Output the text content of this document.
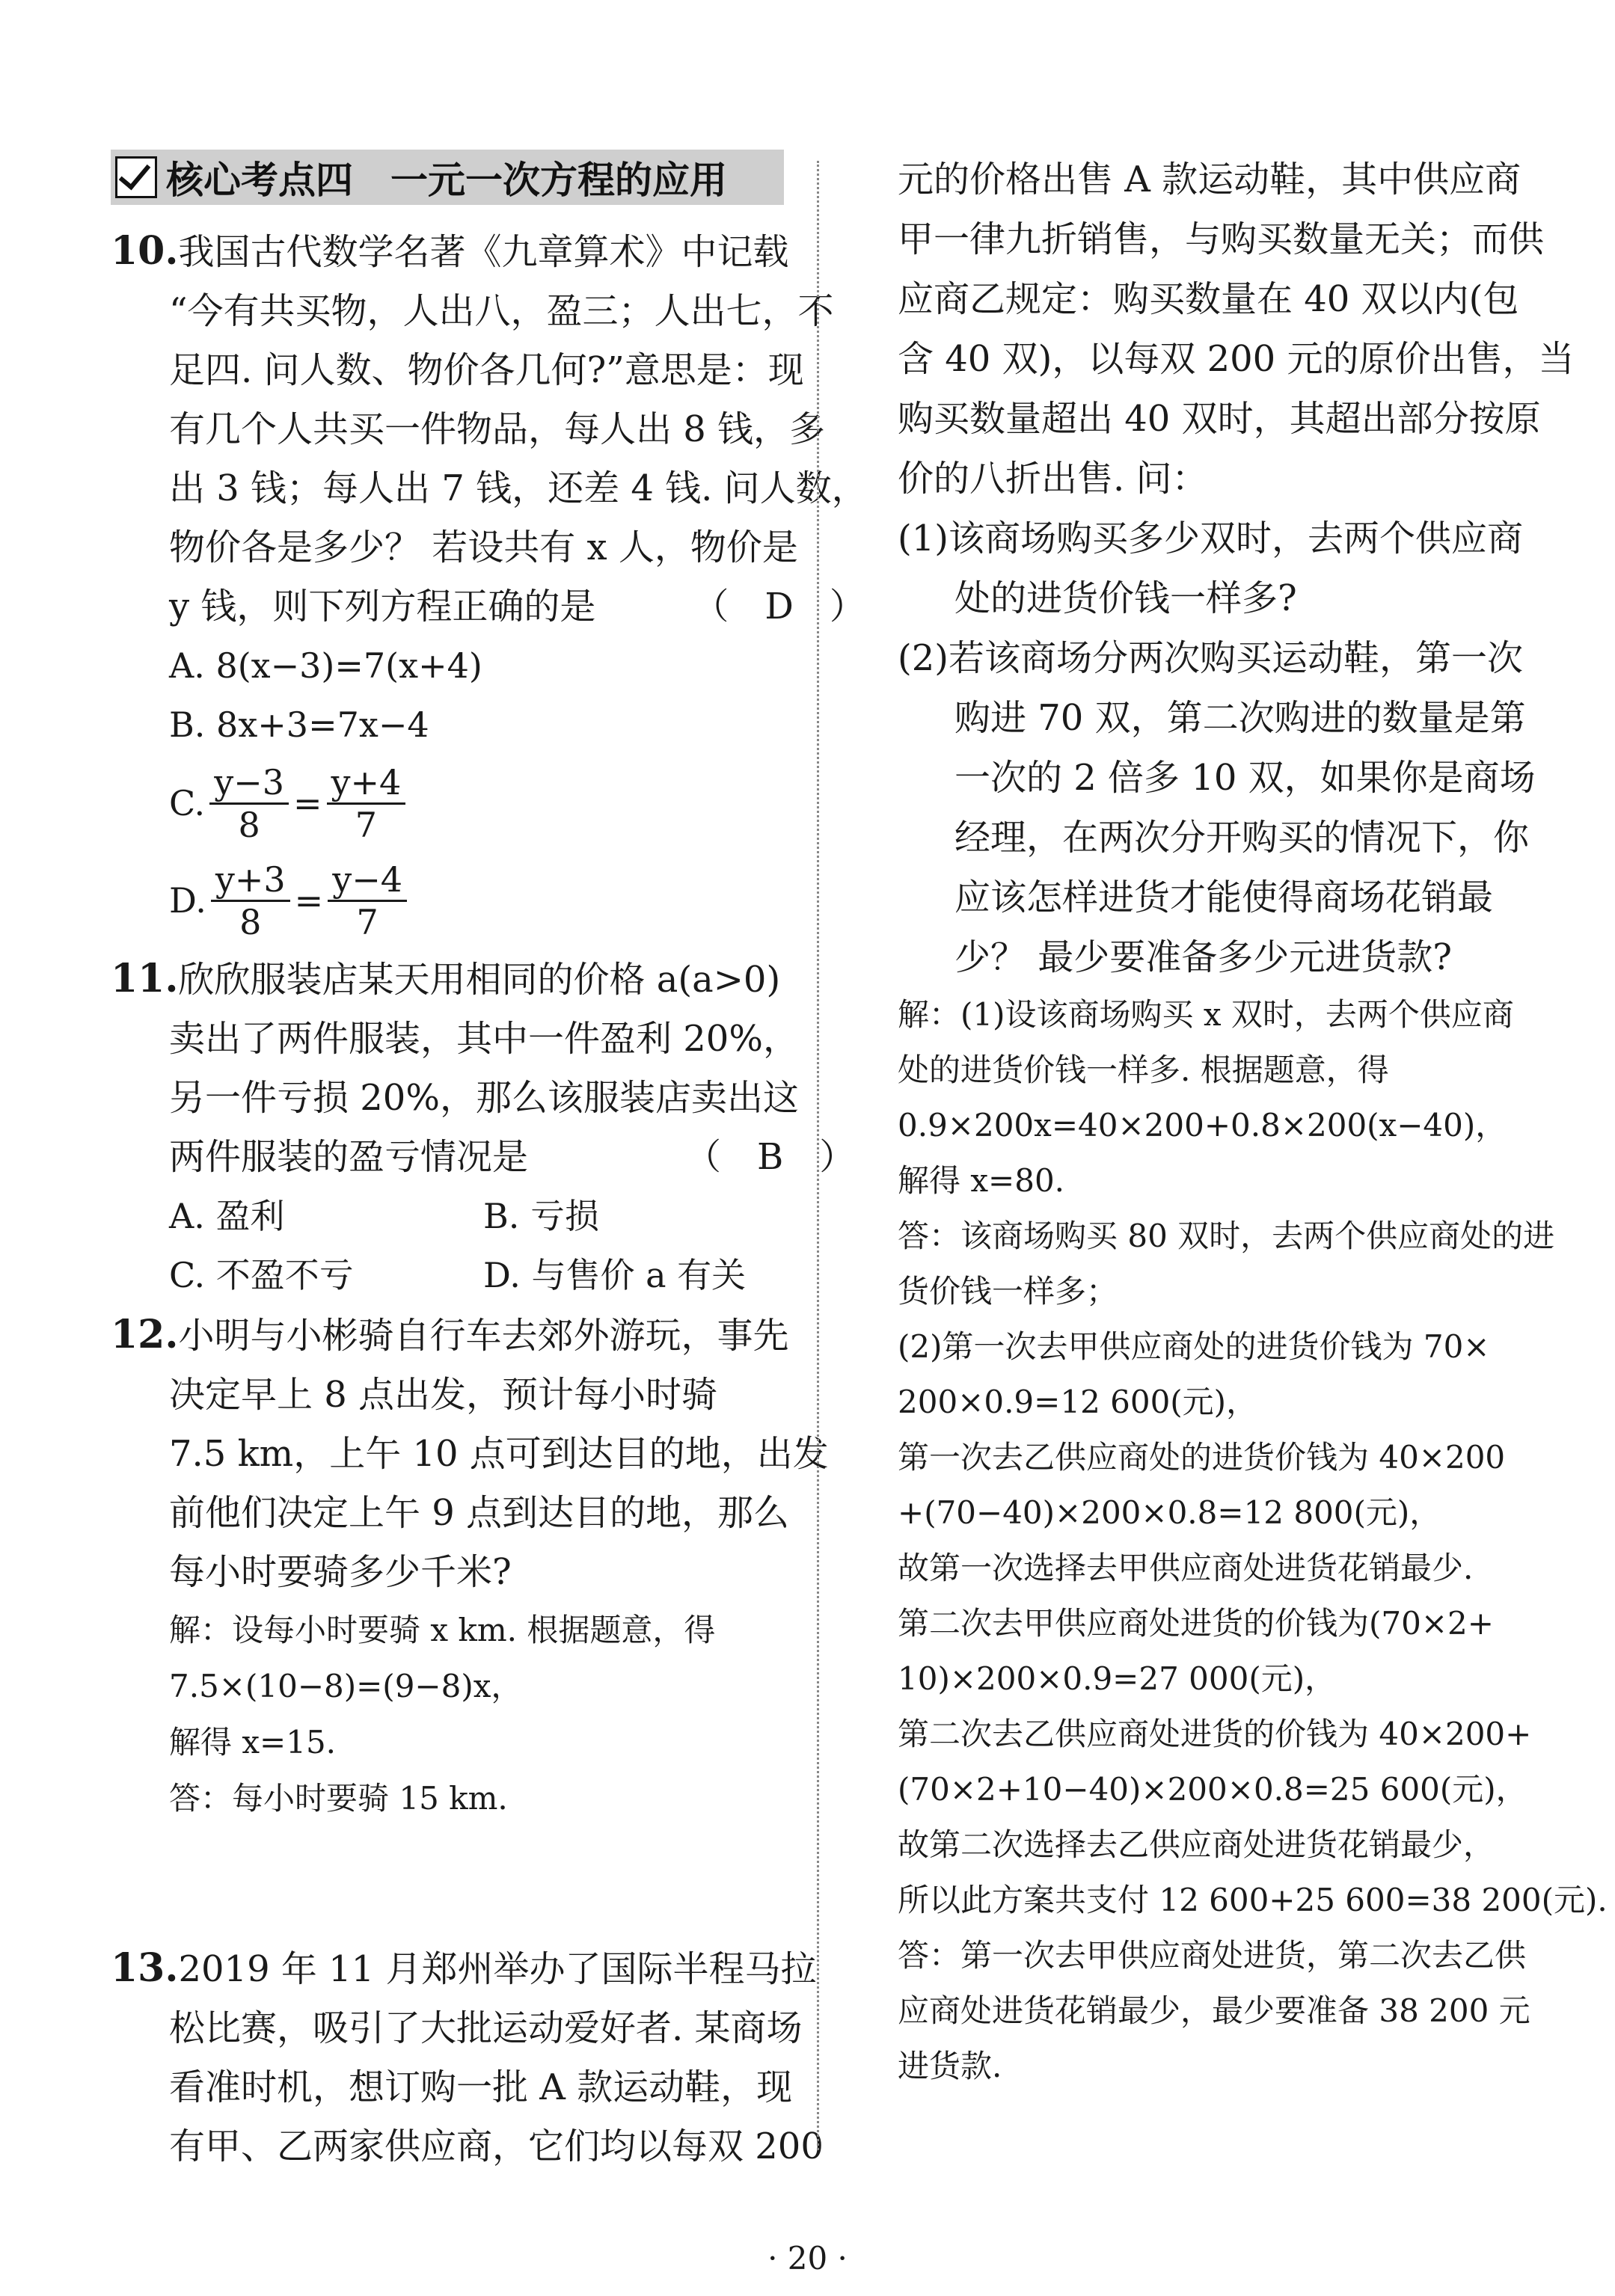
核心考点四　一元一次方程的应用
10.我国古代数学名著《九章算术》中记载
“今有共买物，人出八，盈三；人出七，不
足四. 问人数、物价各几何?”意思是：现
有几个人共买一件物品，每人出 8 钱，多
出 3 钱；每人出 7 钱，还差 4 钱. 问人数，
物价各是多少？ 若设共有 x 人，物价是
y 钱，则下列方程正确的是	（　D　）
A. 8(x−3)=7(x+4)
B. 8x+3=7x−4
C. $\frac{y-3}{8} = \frac{y+4}{7}$
D. $\frac{y+3}{8} = \frac{y-4}{7}$
11.欣欣服装店某天用相同的价格 a(a>0)
卖出了两件服装，其中一件盈利 20%，
另一件亏损 20%，那么该服装店卖出这
两件服装的盈亏情况是	（　B　）
A. 盈利	B. 亏损
C. 不盈不亏	D. 与售价 a 有关
12.小明与小彬骑自行车去郊外游玩，事先
决定早上 8 点出发，预计每小时骑
7.5 km，上午 10 点可到达目的地，出发
前他们决定上午 9 点到达目的地，那么
每小时要骑多少千米?
解：设每小时要骑 x km. 根据题意，得
7.5×(10−8)=(9−8)x，
解得 x=15.
答：每小时要骑 15 km.
13.2019 年 11 月郑州举办了国际半程马拉
松比赛，吸引了大批运动爱好者. 某商场
看准时机，想订购一批 A 款运动鞋，现
有甲、乙两家供应商，它们均以每双 200
元的价格出售 A 款运动鞋，其中供应商
甲一律九折销售，与购买数量无关；而供
应商乙规定：购买数量在 40 双以内(包
含 40 双)，以每双 200 元的原价出售，当
购买数量超出 40 双时，其超出部分按原
价的八折出售. 问：
(1)该商场购买多少双时，去两个供应商
处的进货价钱一样多?
(2)若该商场分两次购买运动鞋，第一次
购进 70 双，第二次购进的数量是第
一次的 2 倍多 10 双，如果你是商场
经理，在两次分开购买的情况下，你
应该怎样进货才能使得商场花销最
少？ 最少要准备多少元进货款?
解：(1)设该商场购买 x 双时，去两个供应商
处的进货价钱一样多. 根据题意，得
0.9×200x=40×200+0.8×200(x−40)，
解得 x=80.
答：该商场购买 80 双时，去两个供应商处的进
货价钱一样多；
(2)第一次去甲供应商处的进货价钱为 70×
200×0.9=12 600(元)，
第一次去乙供应商处的进货价钱为 40×200
+(70−40)×200×0.8=12 800(元)，
故第一次选择去甲供应商处进货花销最少.
第二次去甲供应商处进货的价钱为(70×2+
10)×200×0.9=27 000(元)，
第二次去乙供应商处进货的价钱为 40×200+
(70×2+10−40)×200×0.8=25 600(元)，
故第二次选择去乙供应商处进货花销最少，
所以此方案共支付 12 600+25 600=38 200(元).
答：第一次去甲供应商处进货，第二次去乙供
应商处进货花销最少，最少要准备 38 200 元
进货款.
· 20 ·
